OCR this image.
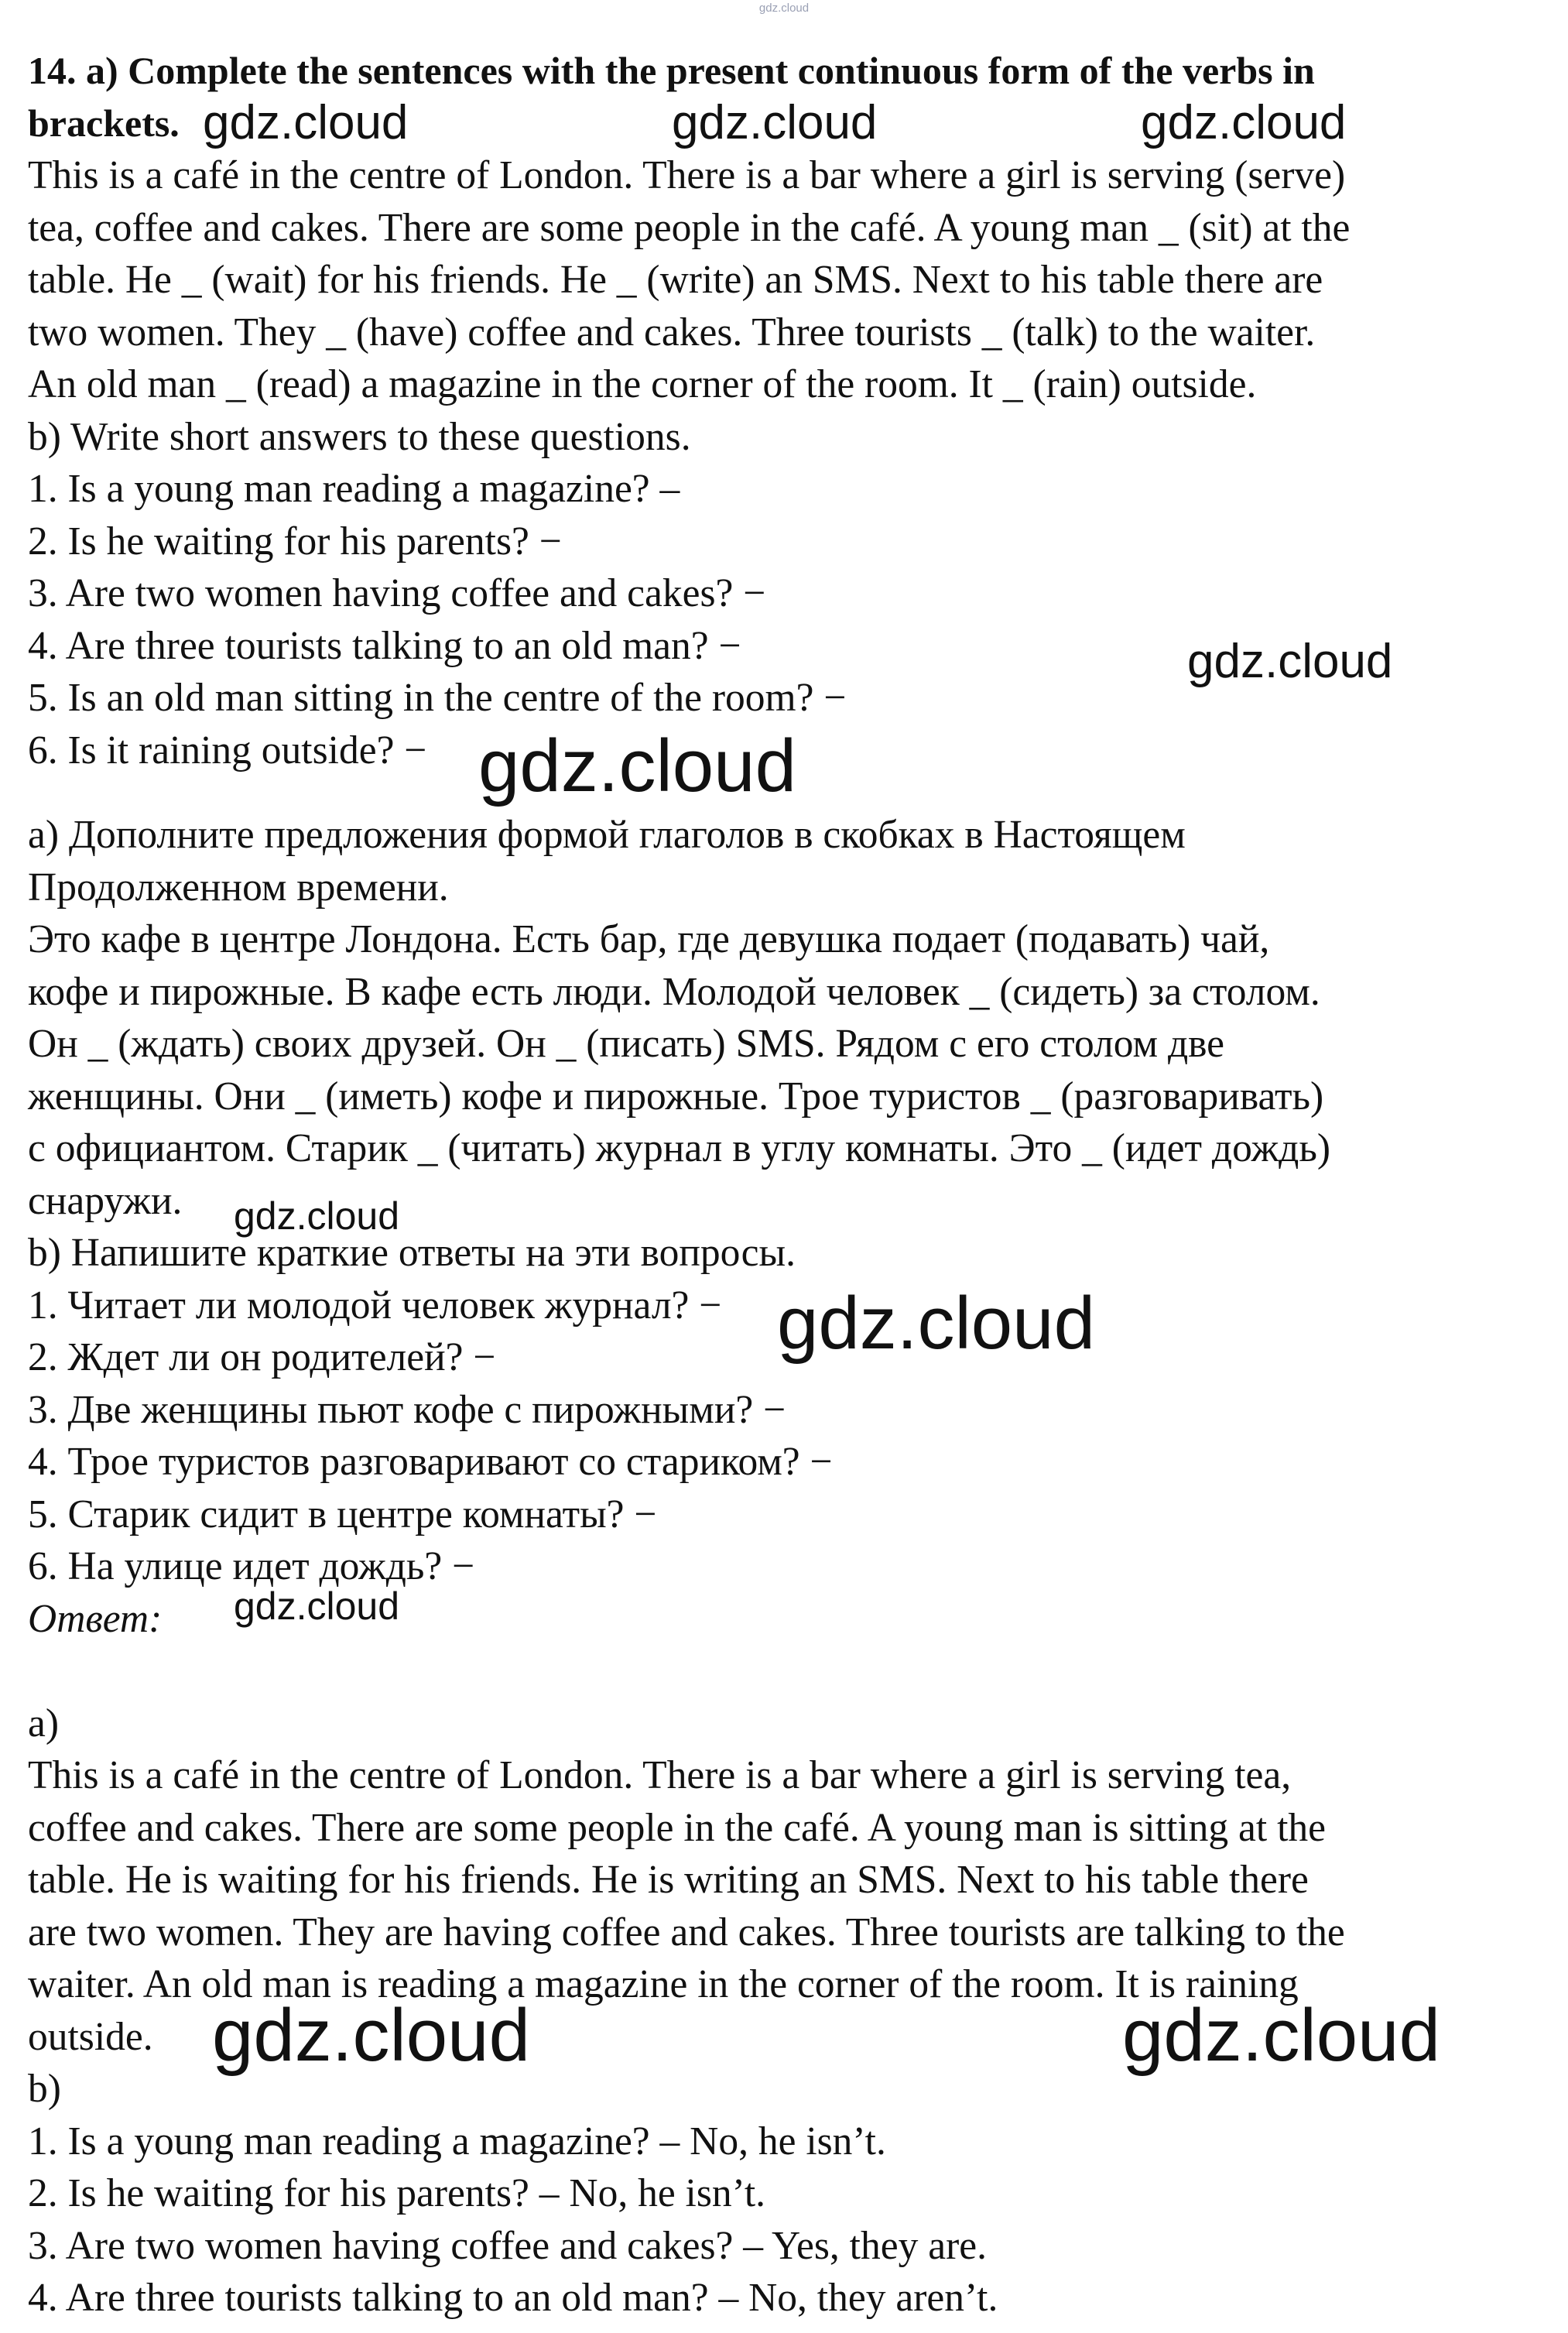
gdz.cloud

14. a) Complete the sentences with the present continuous form of the verbs in

brackets.

This is a café in the centre of London. There is a bar where a girl is serving (serve)

tea, coffee and cakes. There are some people in the café. A young man _ (sit) at the

table. He _ (wait) for his friends. He _ (write) an SMS. Next to his table there are

two women. They _ (have) coffee and cakes. Three tourists _ (talk) to the waiter.

An old man _ (read) a magazine in the corner of the room. It _ (rain) outside.

b) Write short answers to these questions.

1. Is a young man reading a magazine? –

2. Is he waiting for his parents? −

3. Are two women having coffee and cakes? −

4. Are three tourists talking to an old man? −

5. Is an old man sitting in the centre of the room? −

6. Is it raining outside? −

а) Дополните предложения формой глаголов в скобках в Настоящем

Продолженном времени.

Это кафе в центре Лондона. Есть бар, где девушка подает (подавать) чай,

кофе и пирожные. В кафе есть люди. Молодой человек _ (сидеть) за столом.

Он _ (ждать) своих друзей. Он _ (писать) SMS. Рядом с его столом две

женщины. Они _ (иметь) кофе и пирожные. Трое туристов _ (разговаривать)

с официантом. Старик _ (читать) журнал в углу комнаты. Это _ (идет дождь)

снаружи.

b) Напишите краткие ответы на эти вопросы.

1. Читает ли молодой человек журнал? −

2. Ждет ли он родителей? −

3. Две женщины пьют кофе с пирожными? −

4. Трое туристов разговаривают со стариком? −

5. Старик сидит в центре комнаты? −

6. На улице идет дождь? −

Ответ:

a)

This is a café in the centre of London. There is a bar where a girl is serving tea,

coffee and cakes. There are some people in the café. A young man is sitting at the

table. He is waiting for his friends. He is writing an SMS. Next to his table there

are two women. They are having coffee and cakes. Three tourists are talking to the

waiter. An old man is reading a magazine in the corner of the room. It is raining

outside.

b)

1. Is a young man reading a magazine? – No, he isn’t.

2. Is he waiting for his parents? – No, he isn’t.

3. Are two women having coffee and cakes? – Yes, they are.

4. Are three tourists talking to an old man? – No, they aren’t.

gdz.cloud	gdz.cloud	gdz.cloud
gdz.cloud
gdz.cloud
gdz.cloud
gdz.cloud
gdz.cloud
gdz.cloud	gdz.cloud
